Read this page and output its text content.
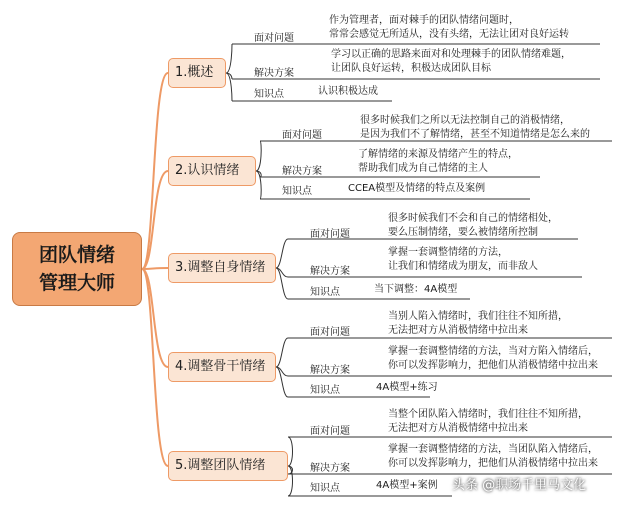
团队情绪
管理大师
1.概述
面对问题
作为管理者，面对棘手的团队情绪问题时，
常常会感觉无所适从，没有头绪，无法让团对良好运转
解决方案
学习以正确的思路来面对和处理棘手的团队情绪难题，
让团队良好运转，积极达成团队目标
知识点	认识积极达成
2.认识情绪
面对问题
很多时候我们之所以无法控制自己的消极情绪，
是因为我们不了解情绪，甚至不知道情绪是怎么来的
解决方案
了解情绪的来源及情绪产生的特点，
帮助我们成为自己情绪的主人
知识点	CCEA模型及情绪的特点及案例
3.调整自身情绪
面对问题
很多时候我们不会和自己的情绪相处，
要么压制情绪，要么被情绪所控制
解决方案
掌握一套调整情绪的方法，
让我们和情绪成为朋友，而非敌人
知识点	当下调整：4A模型
4.调整骨干情绪
面对问题
当别人陷入情绪时，我们往往不知所措，
无法把对方从消极情绪中拉出来
解决方案
掌握一套调整情绪的方法，当对方陷入情绪后，
你可以发挥影响力，把他们从消极情绪中拉出来
知识点	4A模型+练习
5.调整团队情绪
面对问题
当整个团队陷入情绪时，我们往往不知所措，
无法把对方从消极情绪中拉出来
解决方案
掌握一套调整情绪的方法，当团队陷入情绪后，
你可以发挥影响力，把他们从消极情绪中拉出来
知识点	4A模型+案例 头条 @职场千里马文化
